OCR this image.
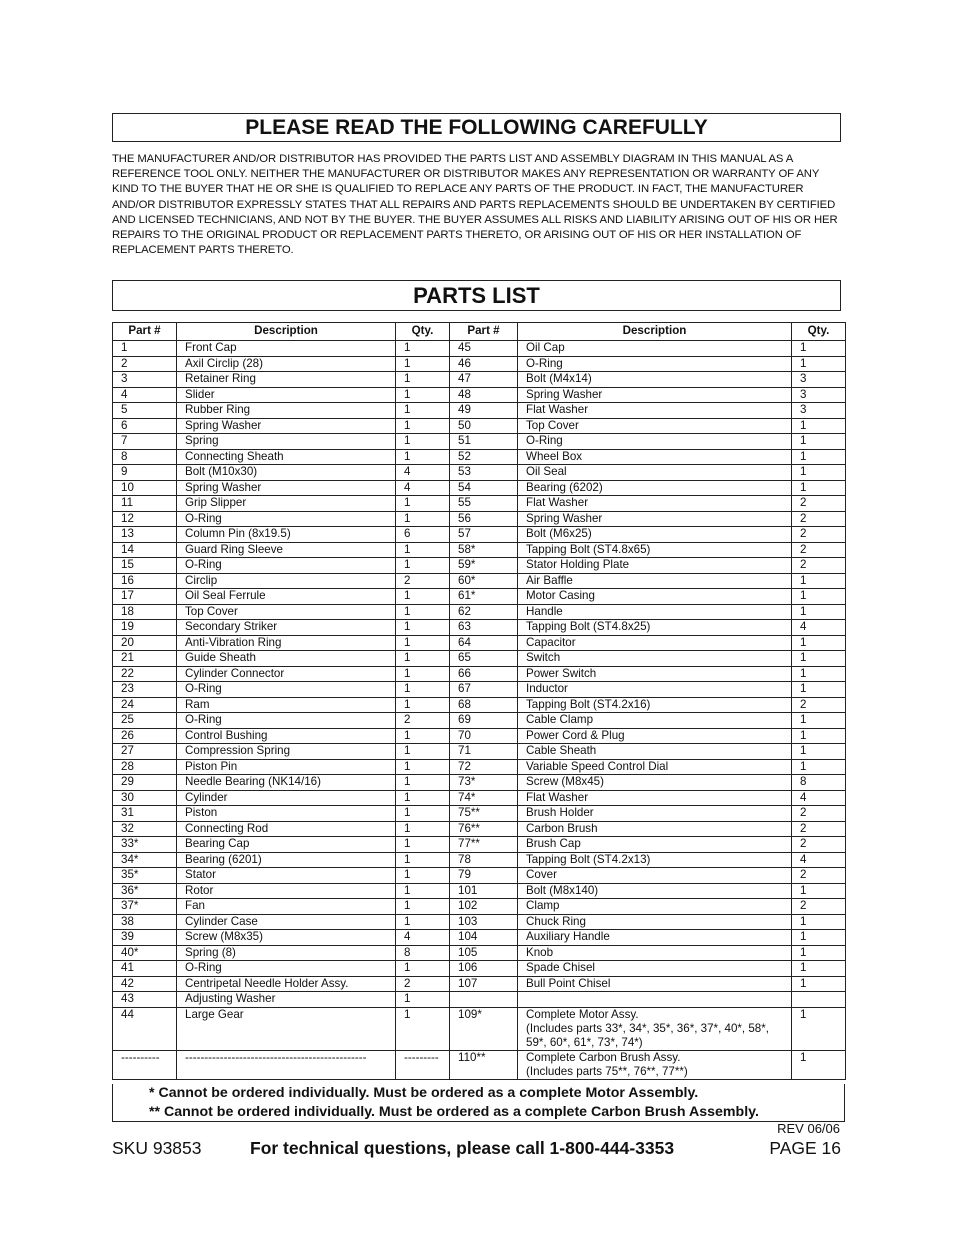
PLEASE READ THE FOLLOWING CAREFULLY
THE MANUFACTURER AND/OR DISTRIBUTOR HAS PROVIDED THE PARTS LIST AND ASSEMBLY DIAGRAM IN THIS MANUAL AS A REFERENCE TOOL ONLY. NEITHER THE MANUFACTURER OR DISTRIBUTOR MAKES ANY REPRESENTATION OR WARRANTY OF ANY KIND TO THE BUYER THAT HE OR SHE IS QUALIFIED TO REPLACE ANY PARTS OF THE PRODUCT. IN FACT, THE MANUFACTURER AND/OR DISTRIBUTOR EXPRESSLY STATES THAT ALL REPAIRS AND PARTS REPLACEMENTS SHOULD BE UNDERTAKEN BY CERTIFIED AND LICENSED TECHNICIANS, AND NOT BY THE BUYER. THE BUYER ASSUMES ALL RISKS AND LIABILITY ARISING OUT OF HIS OR HER REPAIRS TO THE ORIGINAL PRODUCT OR REPLACEMENT PARTS THERETO, OR ARISING OUT OF HIS OR HER INSTALLATION OF REPLACEMENT PARTS THERETO.
PARTS LIST
Part #	Description	Qty.	Part #	Description	Qty.
1	Front Cap	1	45	Oil Cap	1
2	Axil Circlip (28)	1	46	O-Ring	1
3	Retainer Ring	1	47	Bolt (M4x14)	3
4	Slider	1	48	Spring Washer	3
5	Rubber Ring	1	49	Flat Washer	3
6	Spring Washer	1	50	Top Cover	1
7	Spring	1	51	O-Ring	1
8	Connecting Sheath	1	52	Wheel Box	1
9	Bolt (M10x30)	4	53	Oil Seal	1
10	Spring Washer	4	54	Bearing (6202)	1
11	Grip Slipper	1	55	Flat Washer	2
12	O-Ring	1	56	Spring Washer	2
13	Column Pin (8x19.5)	6	57	Bolt (M6x25)	2
14	Guard Ring Sleeve	1	58*	Tapping Bolt (ST4.8x65)	2
15	O-Ring	1	59*	Stator Holding Plate	2
16	Circlip	2	60*	Air Baffle	1
17	Oil Seal Ferrule	1	61*	Motor Casing	1
18	Top Cover	1	62	Handle	1
19	Secondary Striker	1	63	Tapping Bolt (ST4.8x25)	4
20	Anti-Vibration Ring	1	64	Capacitor	1
21	Guide Sheath	1	65	Switch	1
22	Cylinder Connector	1	66	Power Switch	1
23	O-Ring	1	67	Inductor	1
24	Ram	1	68	Tapping Bolt (ST4.2x16)	2
25	O-Ring	2	69	Cable Clamp	1
26	Control Bushing	1	70	Power Cord & Plug	1
27	Compression Spring	1	71	Cable Sheath	1
28	Piston Pin	1	72	Variable Speed Control Dial	1
29	Needle Bearing (NK14/16)	1	73*	Screw (M8x45)	8
30	Cylinder	1	74*	Flat Washer	4
31	Piston	1	75**	Brush Holder	2
32	Connecting Rod	1	76**	Carbon Brush	2
33*	Bearing Cap	1	77**	Brush Cap	2
34*	Bearing (6201)	1	78	Tapping Bolt (ST4.2x13)	4
35*	Stator	1	79	Cover	2
36*	Rotor	1	101	Bolt (M8x140)	1
37*	Fan	1	102	Clamp	2
38	Cylinder Case	1	103	Chuck Ring	1
39	Screw (M8x35)	4	104	Auxiliary Handle	1
40*	Spring (8)	8	105	Knob	1
41	O-Ring	1	106	Spade Chisel	1
42	Centripetal Needle Holder Assy.	2	107	Bull Point Chisel	1
43	Adjusting Washer	1			
44	Large Gear	1	109*	Complete Motor Assy.
(Includes parts 33*, 34*, 35*, 36*, 37*, 40*, 58*,
59*, 60*, 61*, 73*, 74*)	1
----------	-----------------------------------------------	---------	110**	Complete Carbon Brush Assy.
(Includes parts 75**, 76**, 77**)	1
* Cannot be ordered individually. Must be ordered as a complete Motor Assembly.
** Cannot be ordered individually. Must be ordered as a complete Carbon Brush Assembly.
REV 06/06
SKU 93853	For technical questions, please call 1-800-444-3353	PAGE 16
